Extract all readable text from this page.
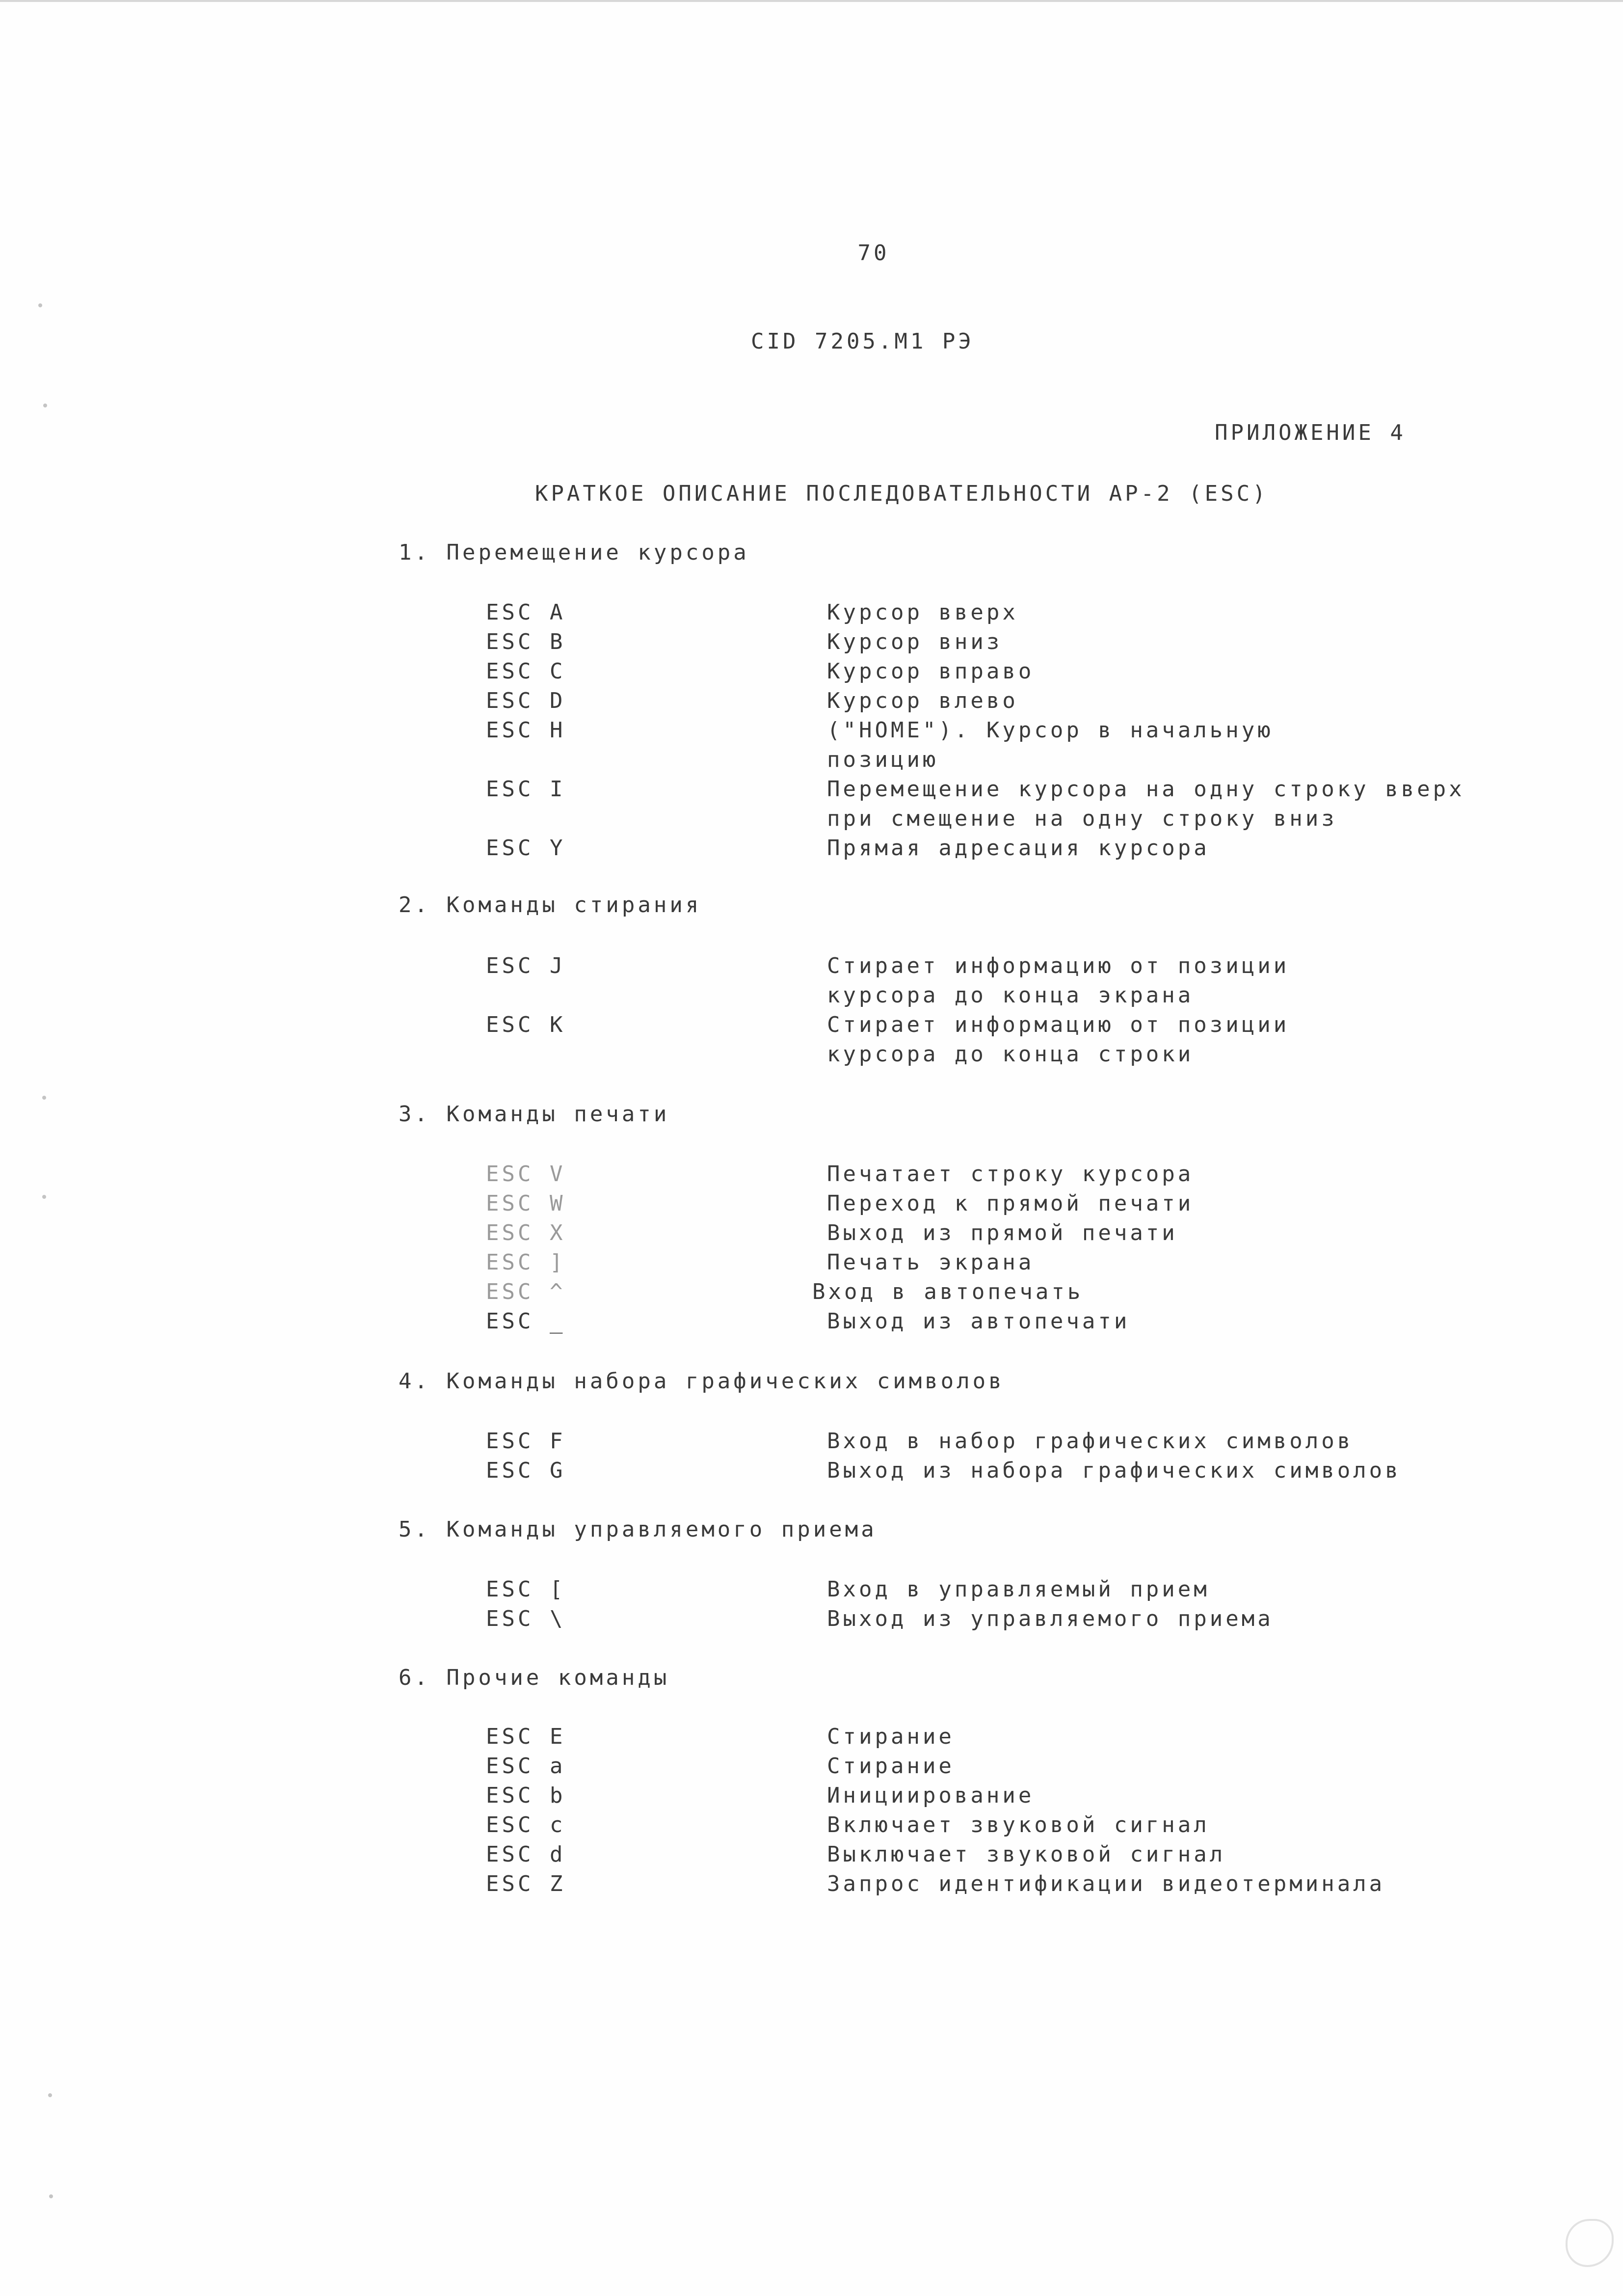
70
CID 7205.M1 РЭ
ПРИЛОЖЕНИЕ 4
КРАТКОЕ ОПИСАНИЕ ПОСЛЕДОВАТЕЛЬНОСТИ АР-2 (ESC)
1. Перемещение курсора
ESC A	Курсор вверх
ESC B	Курсор вниз
ESC C	Курсор вправо
ESC D	Курсор влево
ESC H	("HOME"). Курсор в начальную позицию
ESC I	Перемещение курсора на одну строку вверх при смещение на одну строку вниз
ESC Y	Прямая адресация курсора
2. Команды стирания
ESC J	Стирает информацию от позиции курсора до конца экрана
ESC K	Стирает информацию от позиции курсора до конца строки
3. Команды печати
ESC V	Печатает строку курсора
ESC W	Переход к прямой печати
ESC X	Выход из прямой печати
ESC ]	Печать экрана
ESC ^	Вход в автопечать
ESC _	Выход из автопечати
4. Команды набора графических символов
ESC F	Вход в набор графических символов
ESC G	Выход из набора графических символов
5. Команды управляемого приема
ESC [	Вход в управляемый прием
ESC \	Выход из управляемого приема
6. Прочие команды
ESC E	Стирание
ESC a	Стирание
ESC b	Инициирование
ESC c	Включает звуковой сигнал
ESC d	Выключает звуковой сигнал
ESC Z	Запрос идентификации видеотерминала
